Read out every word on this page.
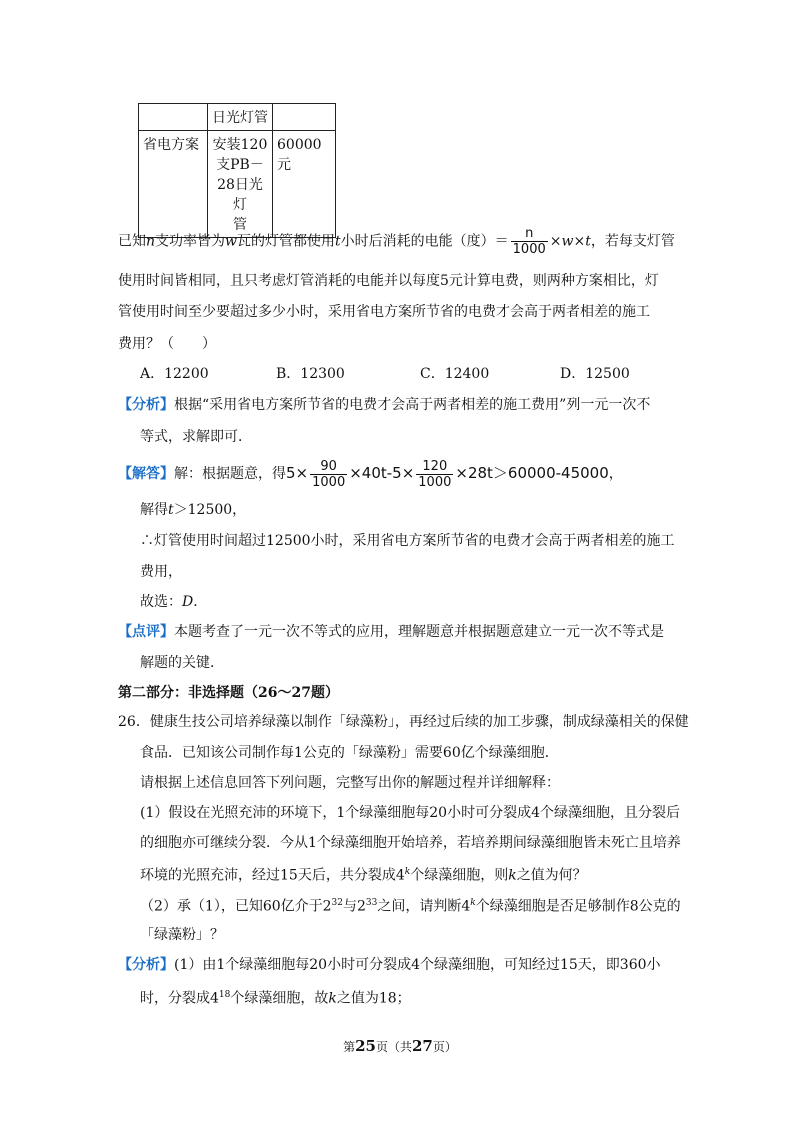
	日光灯管	
省电方案	安装120
支PB－
28日光灯
管	60000元
已知n支功率皆为w瓦的灯管都使用t小时后消耗的电能（度）＝ $\frac{n}{1000} \times w\times t$，若每支灯管
使用时间皆相同，且只考虑灯管消耗的电能并以每度5元计算电费，则两种方案相比，灯
管使用时间至少要超过多少小时，采用省电方案所节省的电费才会高于两者相差的施工
费用？（　　）
A．12200	B．12300	C．12400	D．12500
【分析】根据“采用省电方案所节省的电费才会高于两者相差的施工费用”列一元一次不
等式，求解即可．
【解答】解：根据题意，得$5\times \frac{90}{1000} \times 40t-5\times \frac{120}{1000} \times 28t>60000-45000$，
解得t＞12500，
∴灯管使用时间超过12500小时，采用省电方案所节省的电费才会高于两者相差的施工
费用，
故选：D．
【点评】本题考查了一元一次不等式的应用，理解题意并根据题意建立一元一次不等式是
解题的关键．
第二部分：非选择题（26～27题）
26．健康生技公司培养绿藻以制作「绿藻粉」，再经过后续的加工步骤，制成绿藻相关的保健
食品．已知该公司制作每1公克的「绿藻粉」需要60亿个绿藻细胞．
请根据上述信息回答下列问题，完整写出你的解题过程并详细解释：
(1）假设在光照充沛的环境下，1个绿藻细胞每20小时可分裂成4个绿藻细胞，且分裂后
的细胞亦可继续分裂．今从1个绿藻细胞开始培养，若培养期间绿藻细胞皆未死亡且培养
环境的光照充沛，经过15天后，共分裂成4$^k$个绿藻细胞，则k之值为何？
（2）承（1），已知60亿介于$2^{32}$与$2^{33}$之间，请判断4$^k$个绿藻细胞是否足够制作8公克的
「绿藻粉」？
【分析】(1）由1个绿藻细胞每20小时可分裂成4个绿藻细胞，可知经过15天，即360小
时，分裂成$4^{18}$个绿藻细胞，故k之值为18；
第25页（共27页）
